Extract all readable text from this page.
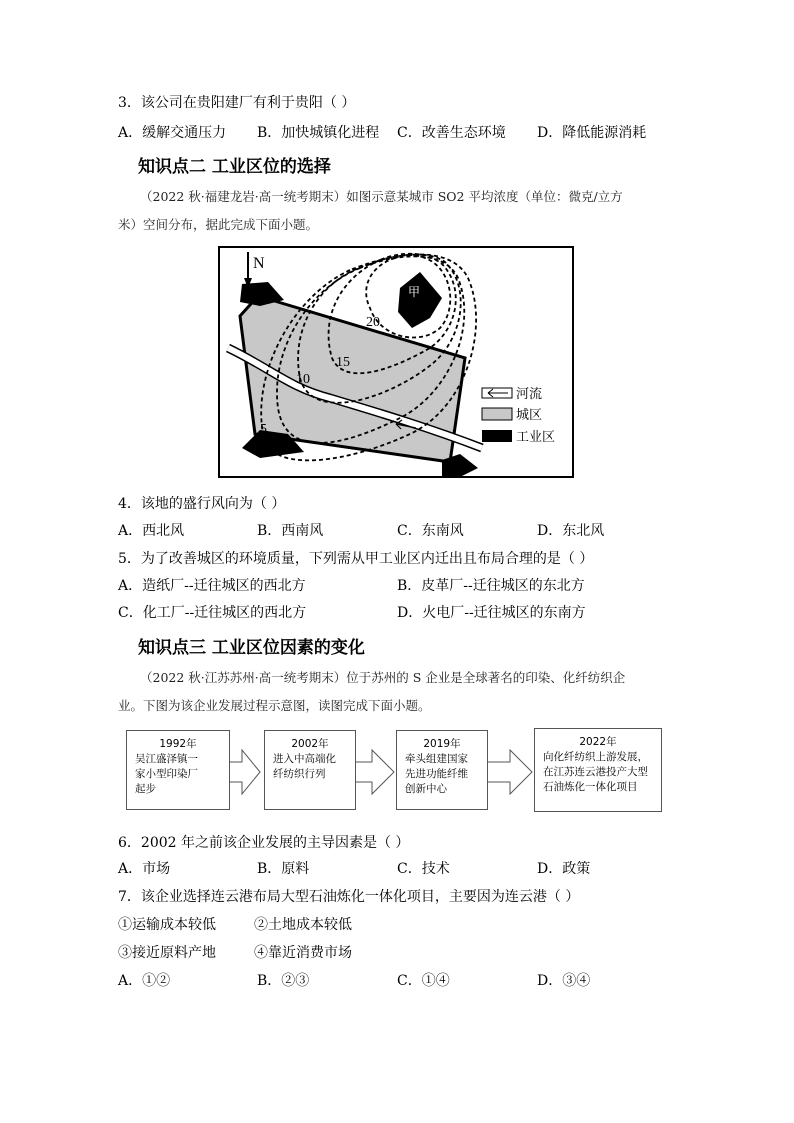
3．该公司在贵阳建厂有利于贵阳（ ）
A．缓解交通压力 B．加快城镇化进程 C．改善生态环境 D．降低能源消耗
知识点二 工业区位的选择
（2022 秋·福建龙岩·高一统考期末）如图示意某城市 SO2 平均浓度（单位：微克/立方
米）空间分布，据此完成下面小题。
N
甲
20
15
10
5
河流
城区
工业区
4．该地的盛行风向为（ ）
A．西北风	B．西南风	C．东南风	D．东北风
5．为了改善城区的环境质量，下列需从甲工业区内迁出且布局合理的是（ ）
A．造纸厂--迁往城区的西北方	B．皮革厂--迁往城区的东北方
C．化工厂--迁往城区的西北方	D．火电厂--迁往城区的东南方
知识点三 工业区位因素的变化
（2022 秋·江苏苏州·高一统考期末）位于苏州的 S 企业是全球著名的印染、化纤纺织企
业。下图为该企业发展过程示意图，读图完成下面小题。
1992年
吴江盛泽镇一
家小型印染厂
起步
2002年
进入中高端化
纤纺织行列
2019年
牵头组建国家
先进功能纤维
创新中心
2022年
向化纤纺织上游发展，
在江苏连云港投产大型
石油炼化一体化项目
6．2002 年之前该企业发展的主导因素是（ ）
A．市场	B．原料	C．技术	D．政策
7．该企业选择连云港布局大型石油炼化一体化项目，主要因为连云港（ ）
①运输成本较低	②土地成本较低
③接近原料产地	④靠近消费市场
A．①②	B．②③	C．①④	D．③④
